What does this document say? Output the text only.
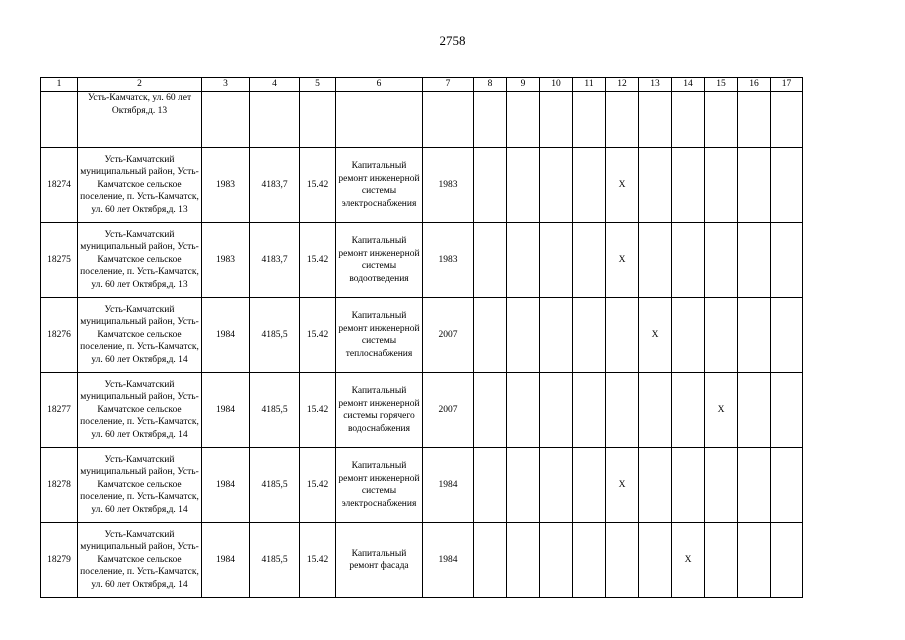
2758
1	2	3	4	5	6	7	8	9	10	11	12	13	14	15	16	17
	Усть-Камчатск, ул. 60 лет Октября,д. 13															
18274	Усть-Камчатский муниципальный район, Усть-Камчатское сельское поселение, п. Усть-Камчатск, ул. 60 лет Октября,д. 13	1983	4183,7	15.42	Капитальный ремонт инженерной системы электроснабжения	1983					X					
18275	Усть-Камчатский муниципальный район, Усть-Камчатское сельское поселение, п. Усть-Камчатск, ул. 60 лет Октября,д. 13	1983	4183,7	15.42	Капитальный ремонт инженерной системы водоотведения	1983					X					
18276	Усть-Камчатский муниципальный район, Усть-Камчатское сельское поселение, п. Усть-Камчатск, ул. 60 лет Октября,д. 14	1984	4185,5	15.42	Капитальный ремонт инженерной системы теплоснабжения	2007						X				
18277	Усть-Камчатский муниципальный район, Усть-Камчатское сельское поселение, п. Усть-Камчатск, ул. 60 лет Октября,д. 14	1984	4185,5	15.42	Капитальный ремонт инженерной системы горячего водоснабжения	2007								X		
18278	Усть-Камчатский муниципальный район, Усть-Камчатское сельское поселение, п. Усть-Камчатск, ул. 60 лет Октября,д. 14	1984	4185,5	15.42	Капитальный ремонт инженерной системы электроснабжения	1984					X					
18279	Усть-Камчатский муниципальный район, Усть-Камчатское сельское поселение, п. Усть-Камчатск, ул. 60 лет Октября,д. 14	1984	4185,5	15.42	Капитальный ремонт фасада	1984							X			
